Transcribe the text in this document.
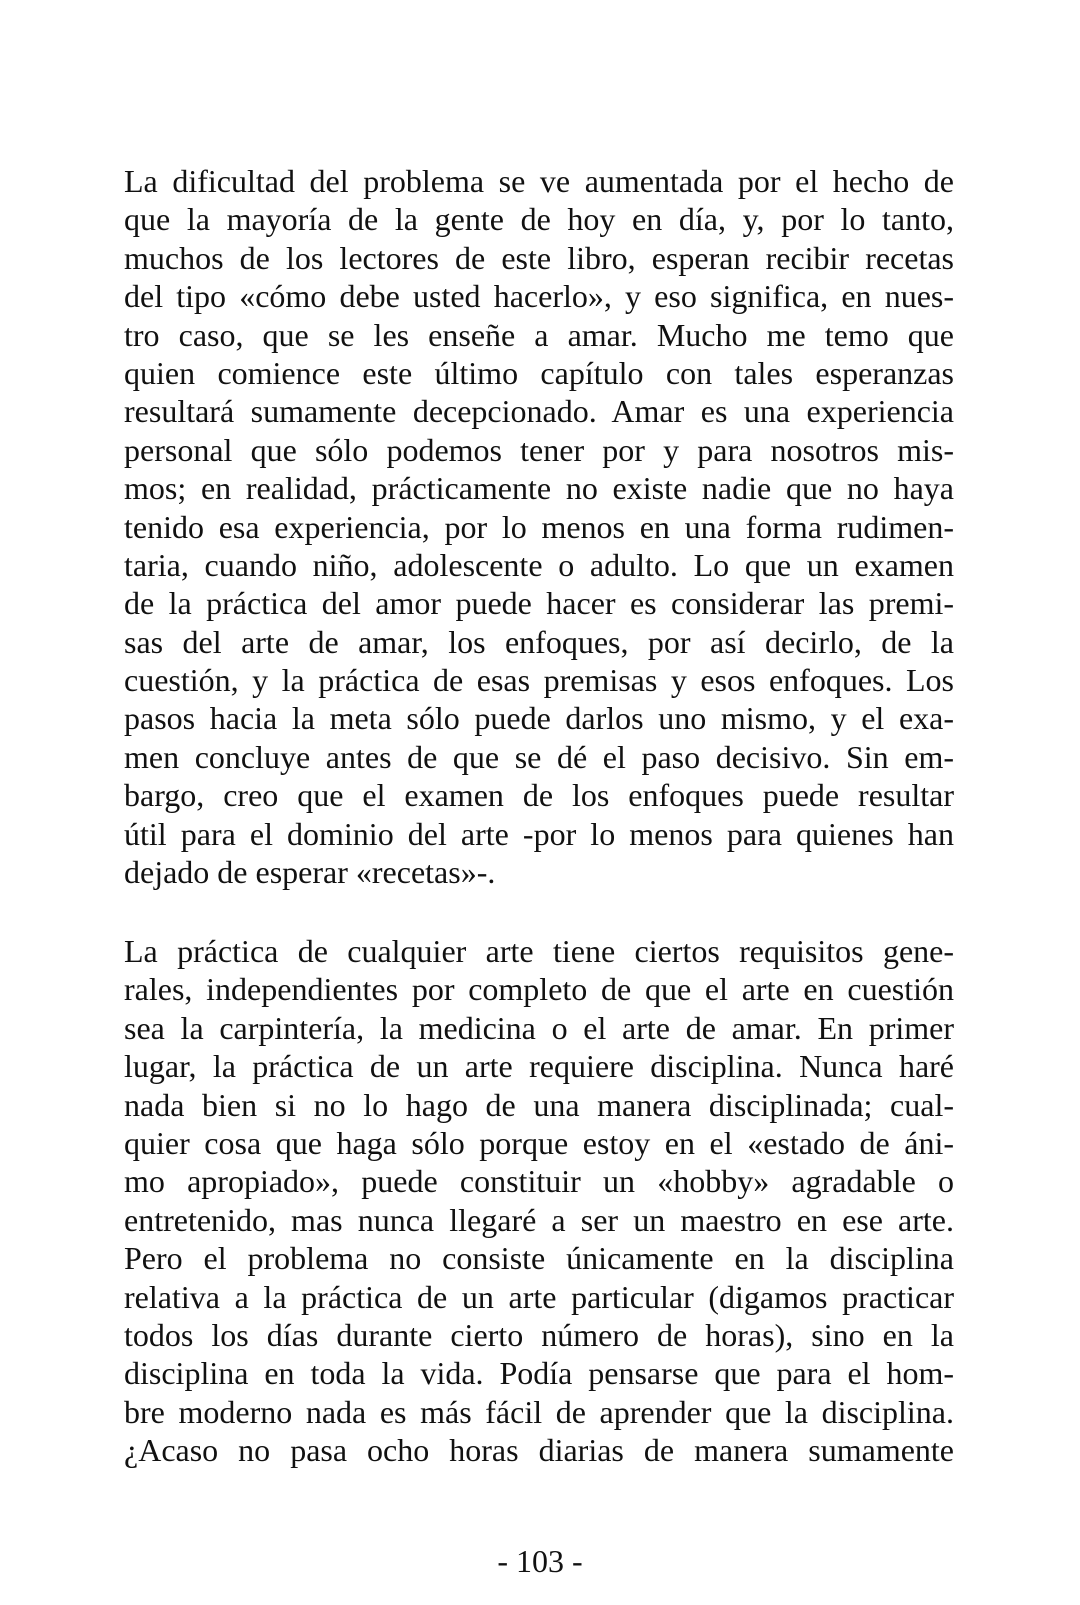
La dificultad del problema se ve aumentada por el hecho de
que la mayoría de la gente de hoy en día, y, por lo tanto,
muchos de los lectores de este libro, esperan recibir recetas
del tipo «cómo debe usted hacerlo», y eso significa, en nues-
tro caso, que se les enseñe a amar. Mucho me temo que
quien comience este último capítulo con tales esperanzas
resultará sumamente decepcionado. Amar es una experiencia
personal que sólo podemos tener por y para nosotros mis-
mos; en realidad, prácticamente no existe nadie que no haya
tenido esa experiencia, por lo menos en una forma rudimen-
taria, cuando niño, adolescente o adulto. Lo que un examen
de la práctica del amor puede hacer es considerar las premi-
sas del arte de amar, los enfoques, por así decirlo, de la
cuestión, y la práctica de esas premisas y esos enfoques. Los
pasos hacia la meta sólo puede darlos uno mismo, y el exa-
men concluye antes de que se dé el paso decisivo. Sin em-
bargo, creo que el examen de los enfoques puede resultar
útil para el dominio del arte -por lo menos para quienes han
dejado de esperar «recetas»-.
La práctica de cualquier arte tiene ciertos requisitos gene-
rales, independientes por completo de que el arte en cuestión
sea la carpintería, la medicina o el arte de amar. En primer
lugar, la práctica de un arte requiere disciplina. Nunca haré
nada bien si no lo hago de una manera disciplinada; cual-
quier cosa que haga sólo porque estoy en el «estado de áni-
mo apropiado», puede constituir un «hobby» agradable o
entretenido, mas nunca llegaré a ser un maestro en ese arte.
Pero el problema no consiste únicamente en la disciplina
relativa a la práctica de un arte particular (digamos practicar
todos los días durante cierto número de horas), sino en la
disciplina en toda la vida. Podía pensarse que para el hom-
bre moderno nada es más fácil de aprender que la disciplina.
¿Acaso no pasa ocho horas diarias de manera sumamente
- 103 -
